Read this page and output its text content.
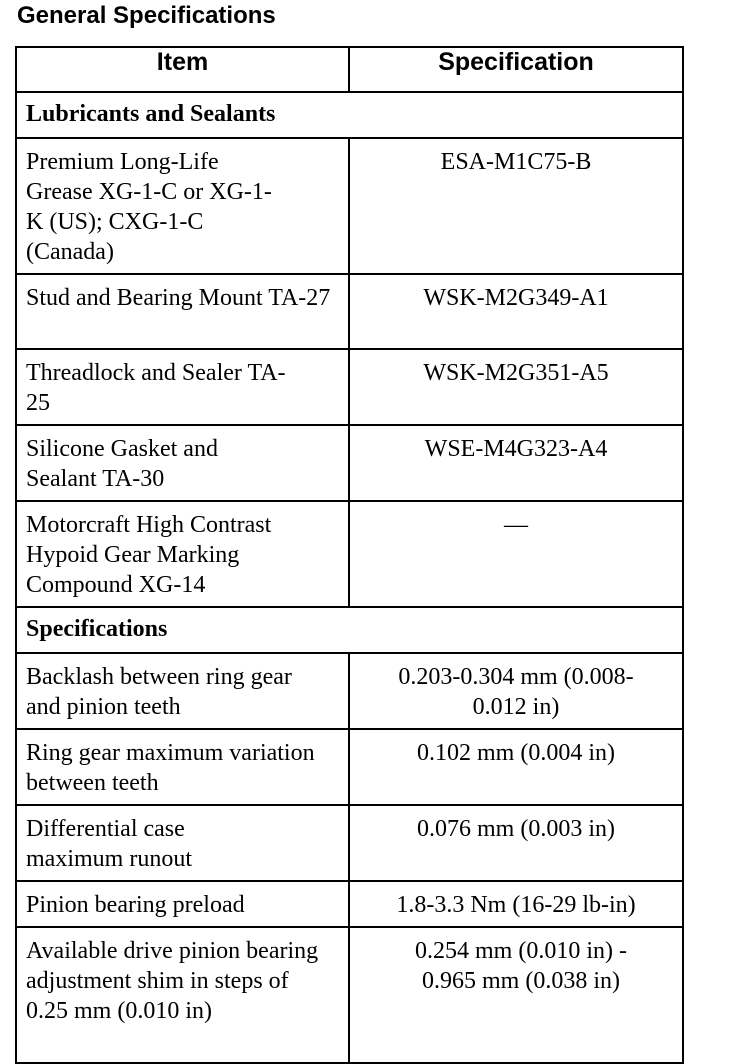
General Specifications
Item	Specification
Lubricants and Sealants	
Premium Long-Life Grease XG-1-C or XG-1-K (US); CXG-1-C (Canada)	ESA-M1C75-B
Stud and Bearing Mount TA-27	WSK-M2G349-A1
Threadlock and Sealer TA-25	WSK-M2G351-A5
Silicone Gasket and Sealant TA-30	WSE-M4G323-A4
Motorcraft High Contrast Hypoid Gear Marking Compound XG-14	—
Specifications	
Backlash between ring gear and pinion teeth	0.203-0.304 mm (0.008-0.012 in)
Ring gear maximum variation between teeth	0.102 mm (0.004 in)
Differential case maximum runout	0.076 mm (0.003 in)
Pinion bearing preload	1.8-3.3 Nm (16-29 lb-in)
Available drive pinion bearing adjustment shim in steps of 0.25 mm (0.010 in)	0.254 mm (0.010 in) - 0.965 mm (0.038 in)
